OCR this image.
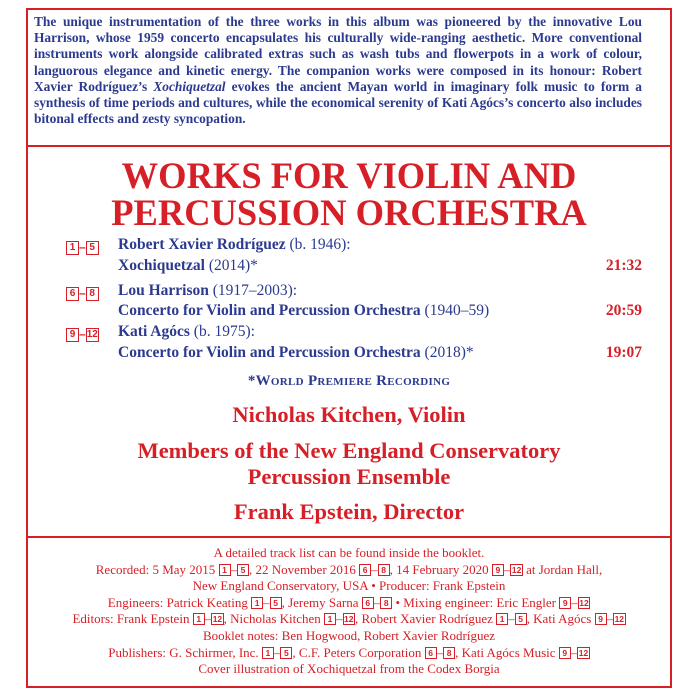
The unique instrumentation of the three works in this album was pioneered by the innovative Lou Harrison, whose 1959 concerto encapsulates his culturally wide-ranging aesthetic. More conventional instruments work alongside calibrated extras such as wash tubs and flowerpots in a work of colour, languorous elegance and kinetic energy. The companion works were composed in its honour: Robert Xavier Rodríguez’s Xochiquetzal evokes the ancient Mayan world in imaginary folk music to form a synthesis of time periods and cultures, while the economical serenity of Kati Agócs’s concerto also includes bitonal effects and zesty syncopation.

WORKS FOR VIOLIN AND
PERCUSSION ORCHESTRA
1 – 5 Robert Xavier Rodríguez (b. 1946):
Xochiquetzal (2014)*	21:32
6 – 8 Lou Harrison (1917–2003):
Concerto for Violin and Percussion Orchestra (1940–59)	20:59
9 –12 Kati Agócs (b. 1975):
Concerto for Violin and Percussion Orchestra (2018)*	19:07
*World Premiere Recording
Nicholas Kitchen, Violin
Members of the New England Conservatory
Percussion Ensemble
Frank Epstein, Director
A detailed track list can be found inside the booklet.
Recorded: 5 May 2015 1 – 5 , 22 November 2016 6 – 8 , 14 February 2020 9 – 12 at Jordan Hall,
New England Conservatory, USA • Producer: Frank Epstein
Engineers: Patrick Keating 1 – 5 , Jeremy Sarna 6 – 8 • Mixing engineer: Eric Engler 9 – 12
Editors: Frank Epstein 1 – 12 , Nicholas Kitchen 1 – 12 , Robert Xavier Rodríguez 1 – 5 , Kati Agócs 9 – 12
Booklet notes: Ben Hogwood, Robert Xavier Rodríguez
Publishers: G. Schirmer, Inc. 1 – 5 , C.F. Peters Corporation 6 – 8 , Kati Agócs Music 9 – 12
Cover illustration of Xochiquetzal from the Codex Borgia
